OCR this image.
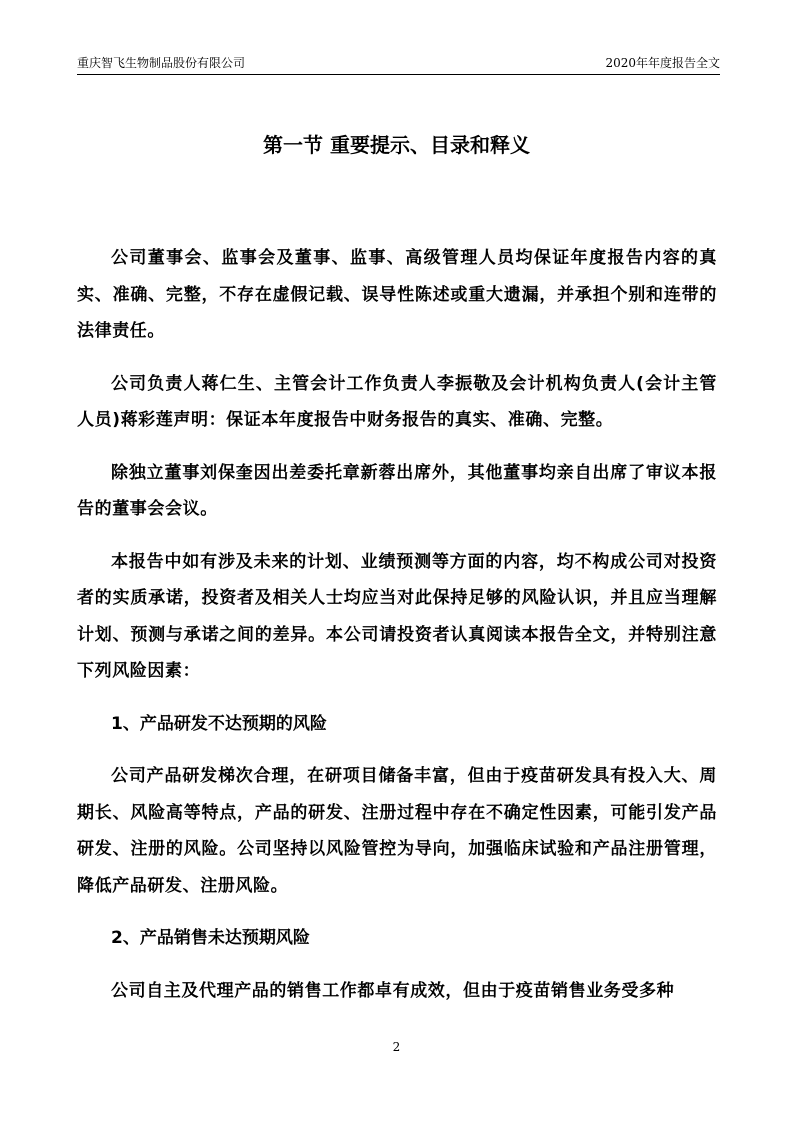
重庆智飞生物制品股份有限公司	2020年年度报告全文
第一节 重要提示、目录和释义

公司董事会、监事会及董事、监事、高级管理人员均保证年度报告内容的真实、准确、完整，不存在虚假记载、误导性陈述或重大遗漏，并承担个别和连带的法律责任。

公司负责人蒋仁生、主管会计工作负责人李振敬及会计机构负责人(会计主管人员)蒋彩莲声明：保证本年度报告中财务报告的真实、准确、完整。

除独立董事刘保奎因出差委托章新蓉出席外，其他董事均亲自出席了审议本报告的董事会会议。

本报告中如有涉及未来的计划、业绩预测等方面的内容，均不构成公司对投资者的实质承诺，投资者及相关人士均应当对此保持足够的风险认识，并且应当理解计划、预测与承诺之间的差异。本公司请投资者认真阅读本报告全文，并特别注意下列风险因素：

1、产品研发不达预期的风险

公司产品研发梯次合理，在研项目储备丰富，但由于疫苗研发具有投入大、周期长、风险高等特点，产品的研发、注册过程中存在不确定性因素，可能引发产品研发、注册的风险。公司坚持以风险管控为导向，加强临床试验和产品注册管理，降低产品研发、注册风险。

2、产品销售未达预期风险

公司自主及代理产品的销售工作都卓有成效，但由于疫苗销售业务受多种

2
